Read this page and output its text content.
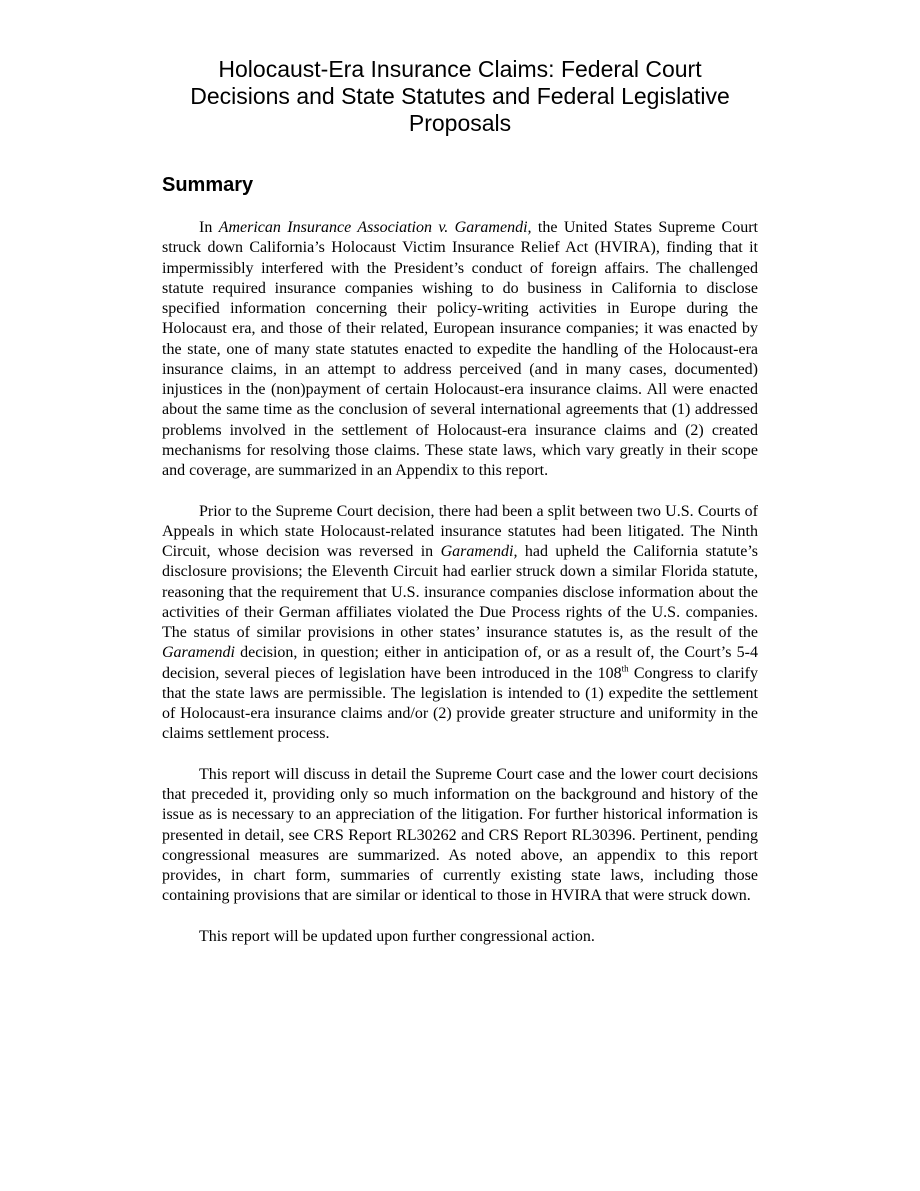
Holocaust-Era Insurance Claims: Federal Court
Decisions and State Statutes and Federal Legislative
Proposals
Summary

In American Insurance Association v. Garamendi, the United States Supreme Court struck down California’s Holocaust Victim Insurance Relief Act (HVIRA), finding that it impermissibly interfered with the President’s conduct of foreign affairs. The challenged statute required insurance companies wishing to do business in California to disclose specified information concerning their policy-writing activities in Europe during the Holocaust era, and those of their related, European insurance companies; it was enacted by the state, one of many state statutes enacted to expedite the handling of the Holocaust-era insurance claims, in an attempt to address perceived (and in many cases, documented) injustices in the (non)payment of certain Holocaust-era insurance claims. All were enacted about the same time as the conclusion of several international agreements that (1) addressed problems involved in the settlement of Holocaust-era insurance claims and (2) created mechanisms for resolving those claims. These state laws, which vary greatly in their scope and coverage, are summarized in an Appendix to this report.

Prior to the Supreme Court decision, there had been a split between two U.S. Courts of Appeals in which state Holocaust-related insurance statutes had been litigated. The Ninth Circuit, whose decision was reversed in Garamendi, had upheld the California statute’s disclosure provisions; the Eleventh Circuit had earlier struck down a similar Florida statute, reasoning that the requirement that U.S. insurance companies disclose information about the activities of their German affiliates violated the Due Process rights of the U.S. companies. The status of similar provisions in other states’ insurance statutes is, as the result of the Garamendi decision, in question; either in anticipation of, or as a result of, the Court’s 5-4 decision, several pieces of legislation have been introduced in the 108th Congress to clarify that the state laws are permissible. The legislation is intended to (1) expedite the settlement of Holocaust-era insurance claims and/or (2) provide greater structure and uniformity in the claims settlement process.

This report will discuss in detail the Supreme Court case and the lower court decisions that preceded it, providing only so much information on the background and history of the issue as is necessary to an appreciation of the litigation. For further historical information is presented in detail, see CRS Report RL30262 and CRS Report RL30396. Pertinent, pending congressional measures are summarized. As noted above, an appendix to this report provides, in chart form, summaries of currently existing state laws, including those containing provisions that are similar or identical to those in HVIRA that were struck down.

This report will be updated upon further congressional action.
